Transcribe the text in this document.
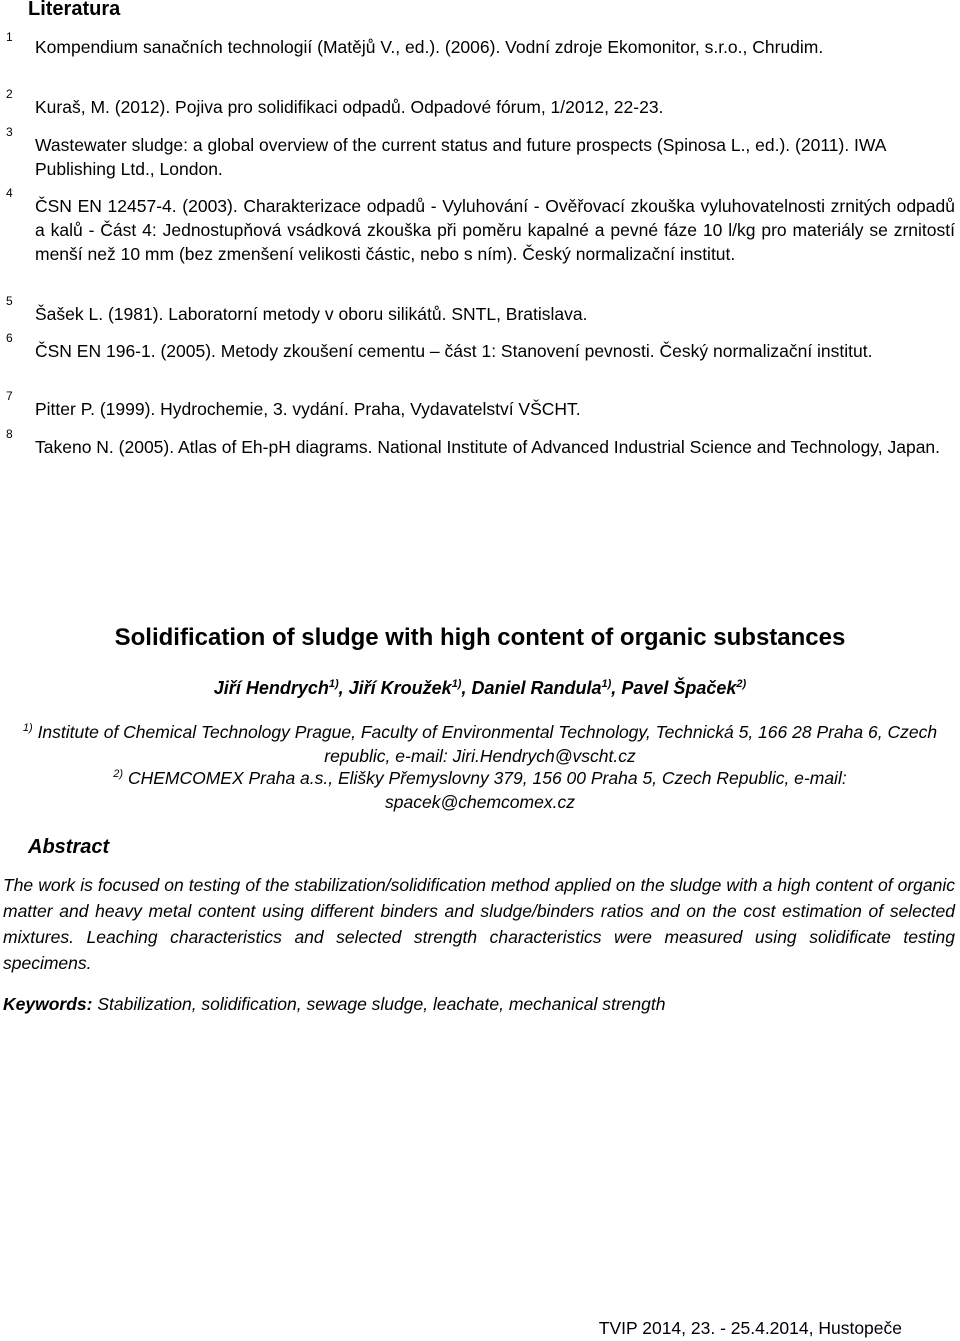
Literatura
1 Kompendium sanačních technologií (Matějů V., ed.). (2006). Vodní zdroje Ekomonitor, s.r.o., Chrudim.
2
Kuraš, M. (2012). Pojiva pro solidifikaci odpadů. Odpadové fórum, 1/2012, 22-23.
3
Wastewater sludge: a global overview of the current status and future prospects (Spinosa L., ed.). (2011). IWA Publishing Ltd., London.
4
ČSN EN 12457-4. (2003). Charakterizace odpadů - Vyluhování - Ověřovací zkouška vyluhovatelnosti zrnitých odpadů a kalů - Část 4: Jednostupňová vsádková zkouška při poměru kapalné a pevné fáze 10 l/kg pro materiály se zrnitostí menší než 10 mm (bez zmenšení velikosti částic, nebo s ním). Český normalizační institut.
5
Šašek L. (1981). Laboratorní metody v oboru silikátů. SNTL, Bratislava.
6
ČSN EN 196-1. (2005). Metody zkoušení cementu – část 1: Stanovení pevnosti. Český normalizační institut.
7
Pitter P. (1999). Hydrochemie, 3. vydání. Praha, Vydavatelství VŠCHT.
8
Takeno N. (2005). Atlas of Eh-pH diagrams. National Institute of Advanced Industrial Science and Technology, Japan.
Solidification of sludge with high content of organic substances
Jiří Hendrych$^{1)}$, Jiří Kroužek$^{1)}$, Daniel Randula$^{1)}$, Pavel Špaček$^{2)}$
$^{1)}$ Institute of Chemical Technology Prague, Faculty of Environmental Technology, Technická 5, 166 28 Praha 6, Czech republic, e-mail: Jiri.Hendrych@vscht.cz
$^{2)}$ CHEMCOMEX Praha a.s., Elišky Přemyslovny 379, 156 00 Praha 5, Czech Republic, e-mail: spacek@chemcomex.cz
Abstract
The work is focused on testing of the stabilization/solidification method applied on the sludge with a high content of organic matter and heavy metal content using different binders and sludge/binders ratios and on the cost estimation of selected mixtures. Leaching characteristics and selected strength characteristics were measured using solidificate testing specimens.
Keywords: Stabilization, solidification, sewage sludge, leachate, mechanical strength
TVIP 2014, 23. - 25.4.2014, Hustopeče
